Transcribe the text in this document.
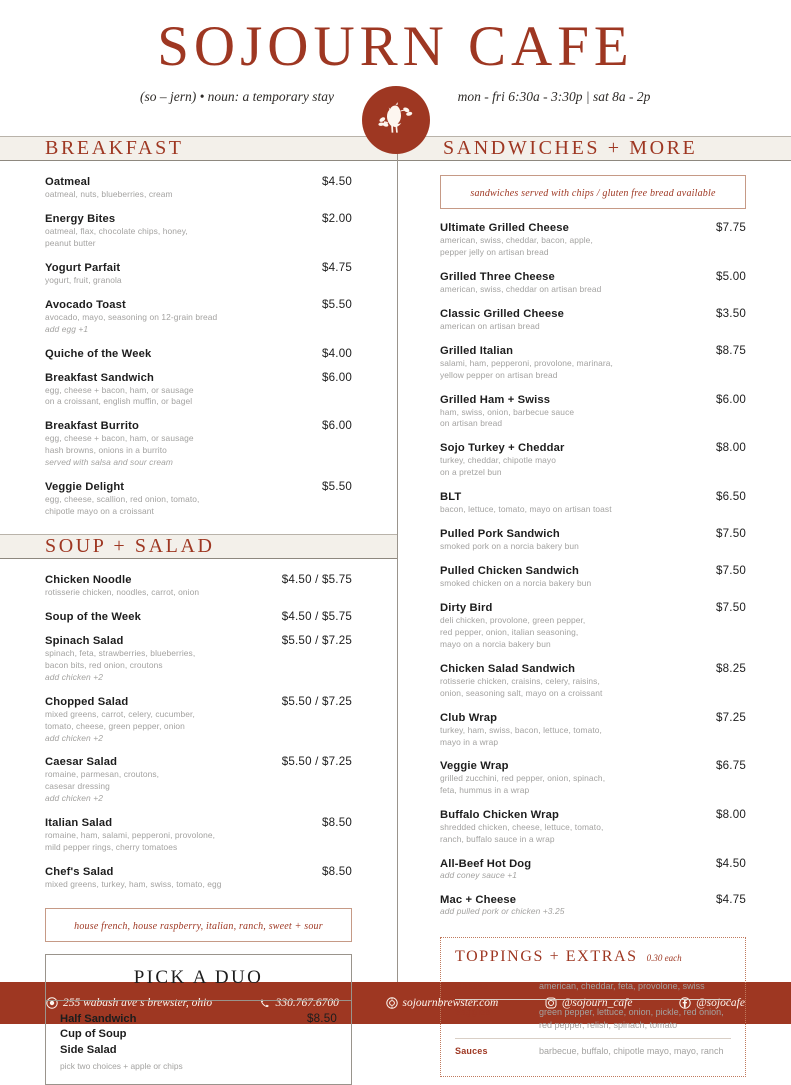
SOJOURN CAFE
(so – jern) • noun: a temporary stay	mon - fri 6:30a - 3:30p | sat 8a - 2p
BREAKFAST
Oatmeal	$4.50
oatmeal, nuts, blueberries, cream
Energy Bites	$2.00
oatmeal, flax, chocolate chips, honey,
peanut butter
Yogurt Parfait	$4.75
yogurt, fruit, granola
Avocado Toast	$5.50
avocado, mayo, seasoning on 12-grain bread
add egg +1
Quiche of the Week	$4.00
Breakfast Sandwich	$6.00
egg, cheese + bacon, ham, or sausage
on a croissant, english muffin, or bagel
Breakfast Burrito	$6.00
egg, cheese + bacon, ham, or sausage
hash browns, onions in a burrito
served with salsa and sour cream
Veggie Delight	$5.50
egg, cheese, scallion, red onion, tomato,
chipotle mayo on a croissant
SOUP + SALAD
Chicken Noodle	$4.50 / $5.75
rotisserie chicken, noodles, carrot, onion
Soup of the Week	$4.50 / $5.75
Spinach Salad	$5.50 / $7.25
spinach, feta, strawberries, blueberries,
bacon bits, red onion, croutons
add chicken +2
Chopped Salad	$5.50 / $7.25
mixed greens, carrot, celery, cucumber,
tomato, cheese, green pepper, onion
add chicken +2
Caesar Salad	$5.50 / $7.25
romaine, parmesan, croutons,
casesar dressing
add chicken +2
Italian Salad	$8.50
romaine, ham, salami, pepperoni, provolone,
mild pepper rings, cherry tomatoes
Chef's Salad	$8.50
mixed greens, turkey, ham, swiss, tomato, egg
house french, house raspberry, italian, ranch, sweet + sour
PICK A DUO
Half Sandwich
Cup of Soup
Side Salad
$8.50
pick two choices + apple or chips
SANDWICHES + MORE
sandwiches served with chips / gluten free bread available
Ultimate Grilled Cheese	$7.75
american, swiss, cheddar, bacon, apple,
pepper jelly on artisan bread
Grilled Three Cheese	$5.00
american, swiss, cheddar on artisan bread
Classic Grilled Cheese	$3.50
american on artisan bread
Grilled Italian	$8.75
salami, ham, pepperoni, provolone, marinara,
yellow pepper on artisan bread
Grilled Ham + Swiss	$6.00
ham, swiss, onion, barbecue sauce
on artisan bread
Sojo Turkey + Cheddar	$8.00
turkey, cheddar, chipotle mayo
on a pretzel bun
BLT	$6.50
bacon, lettuce, tomato, mayo on artisan toast
Pulled Pork Sandwich	$7.50
smoked pork on a norcia bakery bun
Pulled Chicken Sandwich	$7.50
smoked chicken on a norcia bakery bun
Dirty Bird	$7.50
deli chicken, provolone, green pepper,
red pepper, onion, italian seasoning,
mayo on a norcia bakery bun
Chicken Salad Sandwich	$8.25
rotisserie chicken, craisins, celery, raisins,
onion, seasoning salt, mayo on a croissant
Club Wrap	$7.25
turkey, ham, swiss, bacon, lettuce, tomato,
mayo in a wrap
Veggie Wrap	$6.75
grilled zucchini, red pepper, onion, spinach,
feta, hummus in a wrap
Buffalo Chicken Wrap	$8.00
shredded chicken, cheese, lettuce, tomato,
ranch, buffalo sauce in a wrap
All-Beef Hot Dog	$4.50
add coney sauce +1
Mac + Cheese	$4.75
add pulled pork or chicken +3.25
TOPPINGS + EXTRAS 0.30 each
Cheese	american, cheddar, feta, provolone, swiss
Veggies	green pepper, lettuce, onion, pickle, red onion,
red pepper, relish, spinach, tomato
Sauces	barbecue, buffalo, chipotle mayo, mayo, ranch
255 wabash ave s brewster, ohio	330.767.6700	sojournbrewster.com	@sojourn_cafe	@sojocafe
